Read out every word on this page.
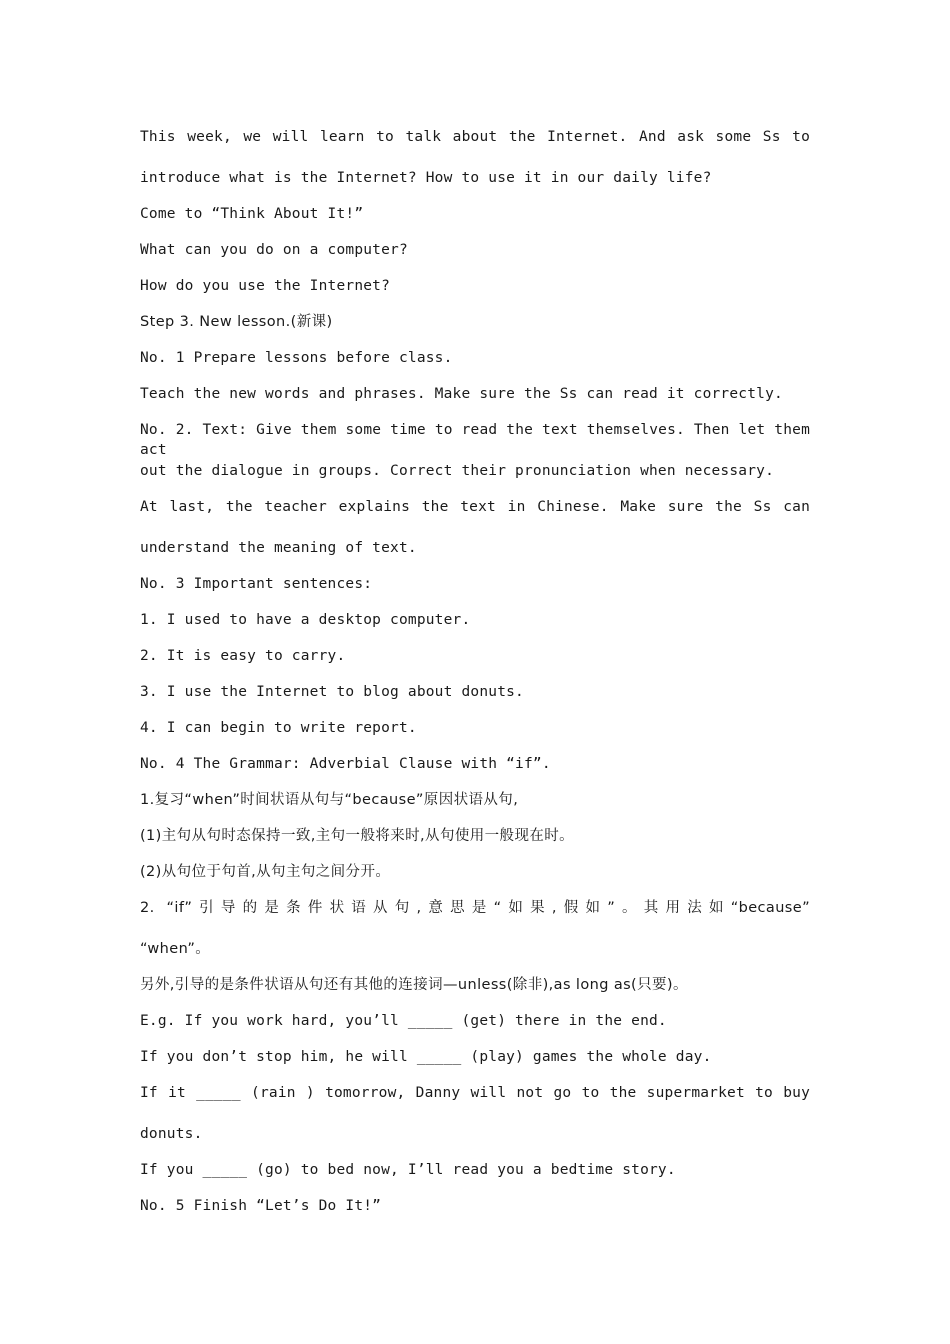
This week, we will learn to talk about the Internet. And ask some Ss to
introduce what is the Internet? How to use it in our daily life?
Come to “Think About It!”
What can you do on a computer?
How do you use the Internet?
Step 3. New lesson.(新课)
No. 1 Prepare lessons before class.
Teach the new words and phrases. Make sure the Ss can read it correctly.
No. 2. Text: Give them some time to read the text themselves. Then let them act
out the dialogue in groups. Correct their pronunciation when necessary.
At last, the teacher explains the text in Chinese. Make sure the Ss can
understand the meaning of text.
No. 3 Important sentences:
1. I used to have a desktop computer.
2. It is easy to carry.
3. I use the Internet to blog about donuts.
4. I can begin to write report.
No. 4 The Grammar: Adverbial Clause with “if”.
1.复习“when”时间状语从句与“because”原因状语从句,
(1)主句从句时态保持一致,主句一般将来时,从句使用一般现在时。
(2)从句位于句首,从句主句之间分开。
2. “if”引导的是条件状语从句,意思是“如果,假如”。其用法如“because”
“when”。
另外,引导的是条件状语从句还有其他的连接词—unless(除非),as long as(只要)。
E.g. If you work hard, you’ll _____ (get) there in the end.
If you don’t stop him, he will _____ (play) games the whole day.
If it _____ (rain ) tomorrow, Danny will not go to the supermarket to buy
donuts.
If you _____ (go) to bed now, I’ll read you a bedtime story.
No. 5 Finish “Let’s Do It!”
